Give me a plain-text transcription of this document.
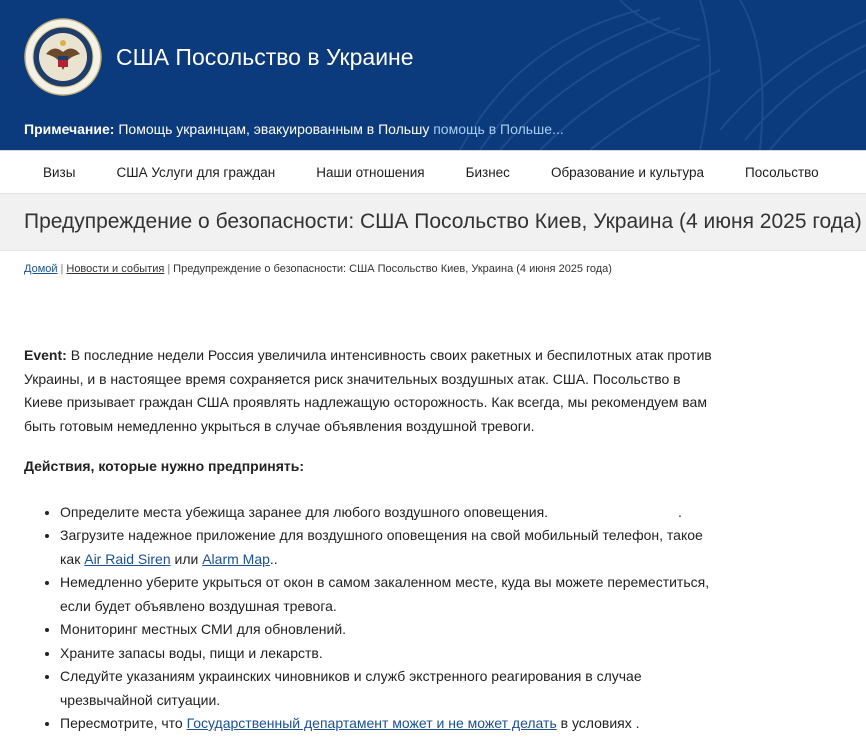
США Посольство в Украине
Примечание: Помощь украинцам, эвакуированным в Польшу помощь в Польше...
Визы	США Услуги для граждан	Наши отношения	Бизнес	Образование и культура	Посольство
Предупреждение о безопасности: США Посольство Киев, Украина (4 июня 2025 года)
Домой | Новости и события | Предупреждение о безопасности: США Посольство Киев, Украина (4 июня 2025 года)

Event: В последние недели Россия увеличила интенсивность своих ракетных и беспилотных атак против Украины, и в настоящее время сохраняется риск значительных воздушных атак. США. Посольство в Киеве призывает граждан США проявлять надлежащую осторожность. Как всегда, мы рекомендуем вам быть готовым немедленно укрыться в случае объявления воздушной тревоги.

Действия, которые нужно предпринять:

• Определите места убежища заранее для любого воздушного оповещения.	.
• Загрузите надежное приложение для воздушного оповещения на свой мобильный телефон, такое как Air Raid Siren или Alarm Map..
• Немедленно уберите укрыться от окон в самом закаленном месте, куда вы можете переместиться, если будет объявлено воздушная тревога.
• Мониторинг местных СМИ для обновлений.
• Храните запасы воды, пищи и лекарств.
• Следуйте указаниям украинских чиновников и служб экстренного реагирования в случае чрезвычайной ситуации.
• Пересмотрите, что Государственный департамент может и не может делать в условиях .
